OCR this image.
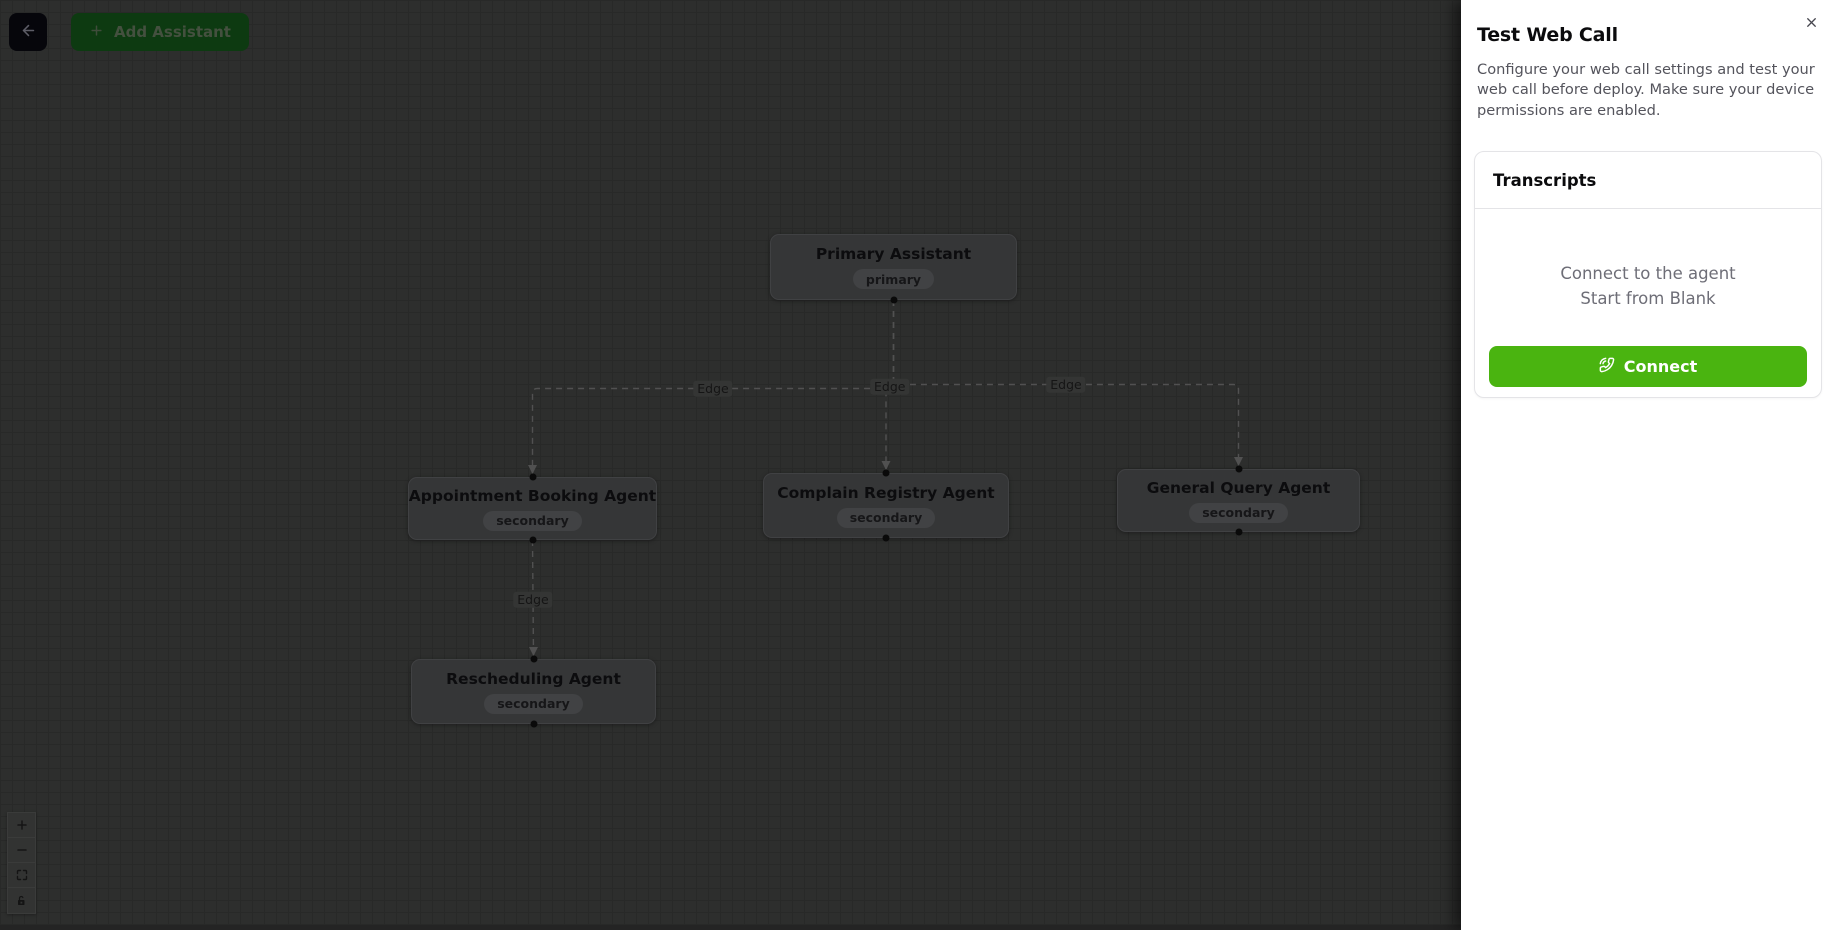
Edge	Edge	Edge
Edge
Primary Assistant
primary
Appointment Booking Agent
secondary
Complain Registry Agent
secondary
General Query Agent
secondary
Rescheduling Agent
secondary
Add Assistant	Test Web Call

Configure your web call settings and test your web call before deploy. Make sure your device permissions are enabled.

Transcripts
Connect to the agent
Start from Blank
Connect
